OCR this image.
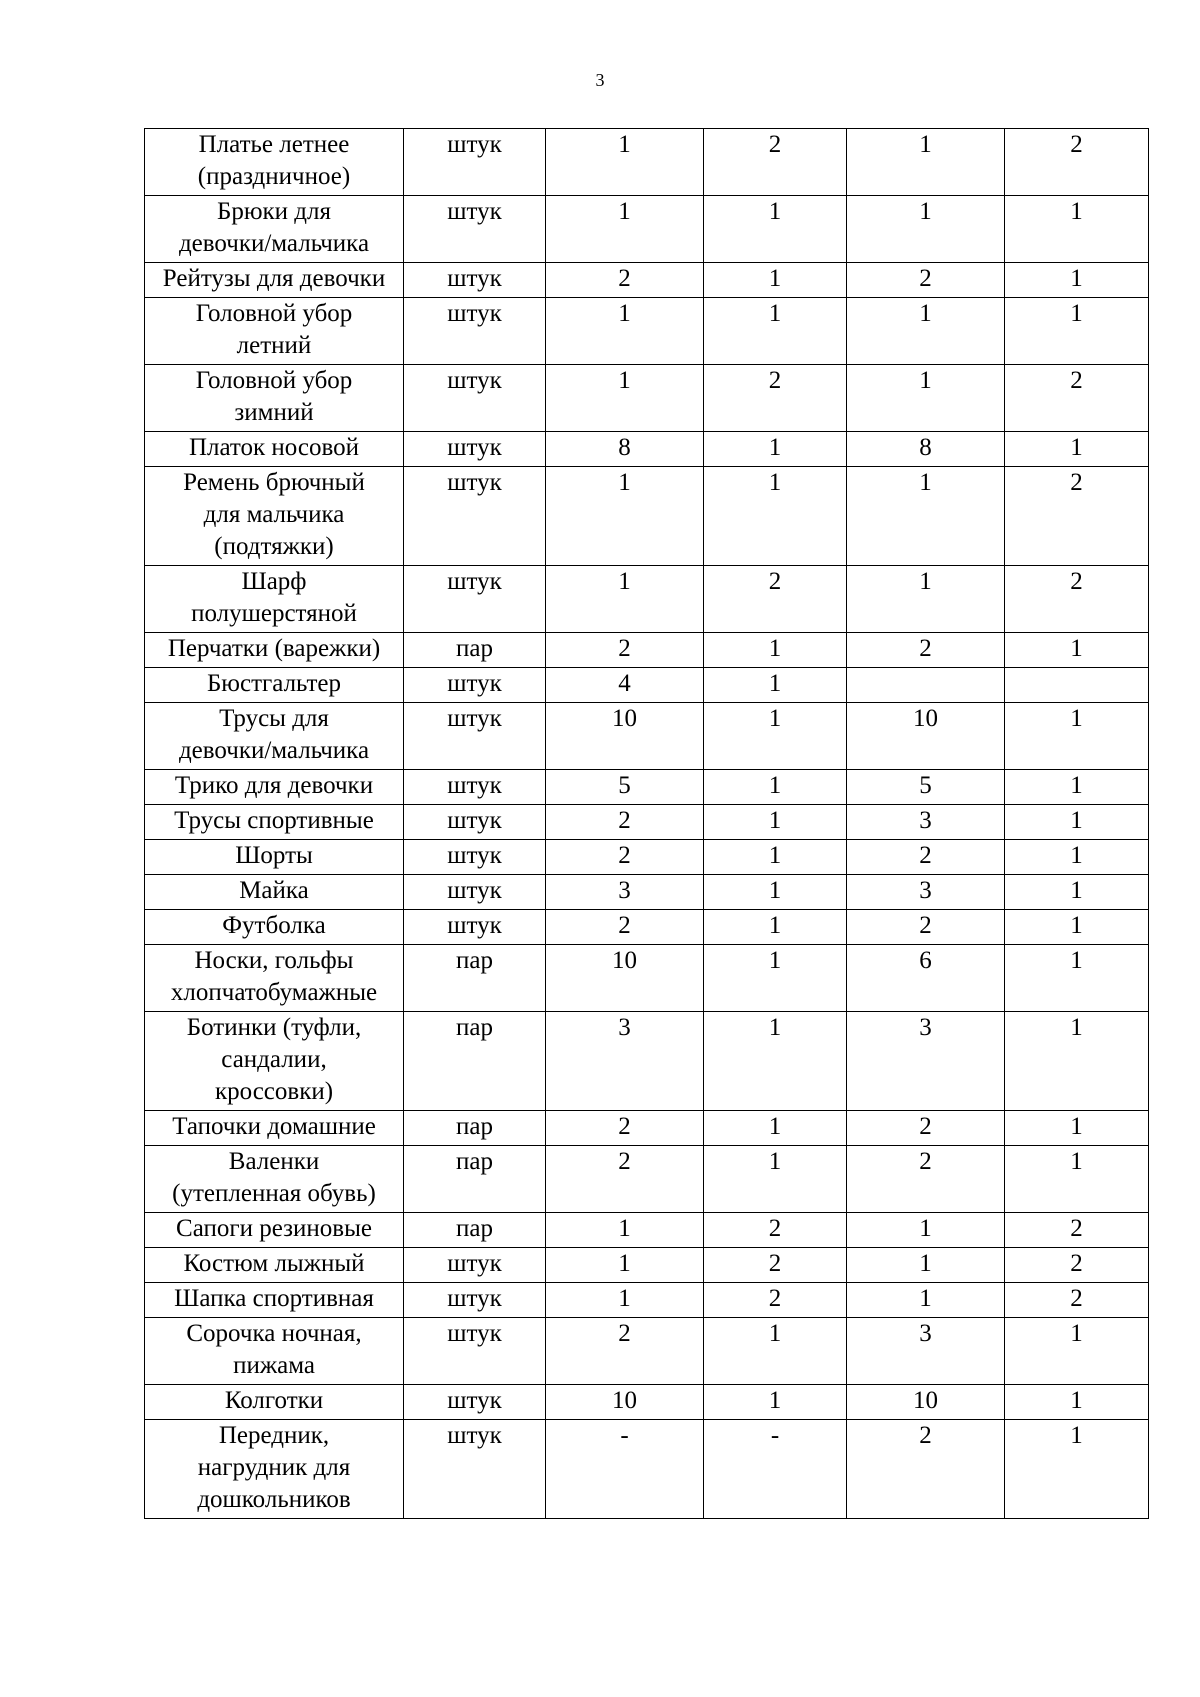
3
Платье летнее
(праздничное)	штук	1	2	1	2
Брюки для
девочки/мальчика	штук	1	1	1	1
Рейтузы для девочки	штук	2	1	2	1
Головной убор
летний	штук	1	1	1	1
Головной убор
зимний	штук	1	2	1	2
Платок носовой	штук	8	1	8	1
Ремень брючный
для мальчика
(подтяжки)	штук	1	1	1	2
Шарф
полушерстяной	штук	1	2	1	2
Перчатки (варежки)	пар	2	1	2	1
Бюстгальтер	штук	4	1		
Трусы для
девочки/мальчика	штук	10	1	10	1
Трико для девочки	штук	5	1	5	1
Трусы спортивные	штук	2	1	3	1
Шорты	штук	2	1	2	1
Майка	штук	3	1	3	1
Футболка	штук	2	1	2	1
Носки, гольфы
хлопчатобумажные	пар	10	1	6	1
Ботинки (туфли,
сандалии,
кроссовки)	пар	3	1	3	1
Тапочки домашние	пар	2	1	2	1
Валенки
(утепленная обувь)	пар	2	1	2	1
Сапоги резиновые	пар	1	2	1	2
Костюм лыжный	штук	1	2	1	2
Шапка спортивная	штук	1	2	1	2
Сорочка ночная,
пижама	штук	2	1	3	1
Колготки	штук	10	1	10	1
Передник,
нагрудник для
дошкольников	штук	-	-	2	1
